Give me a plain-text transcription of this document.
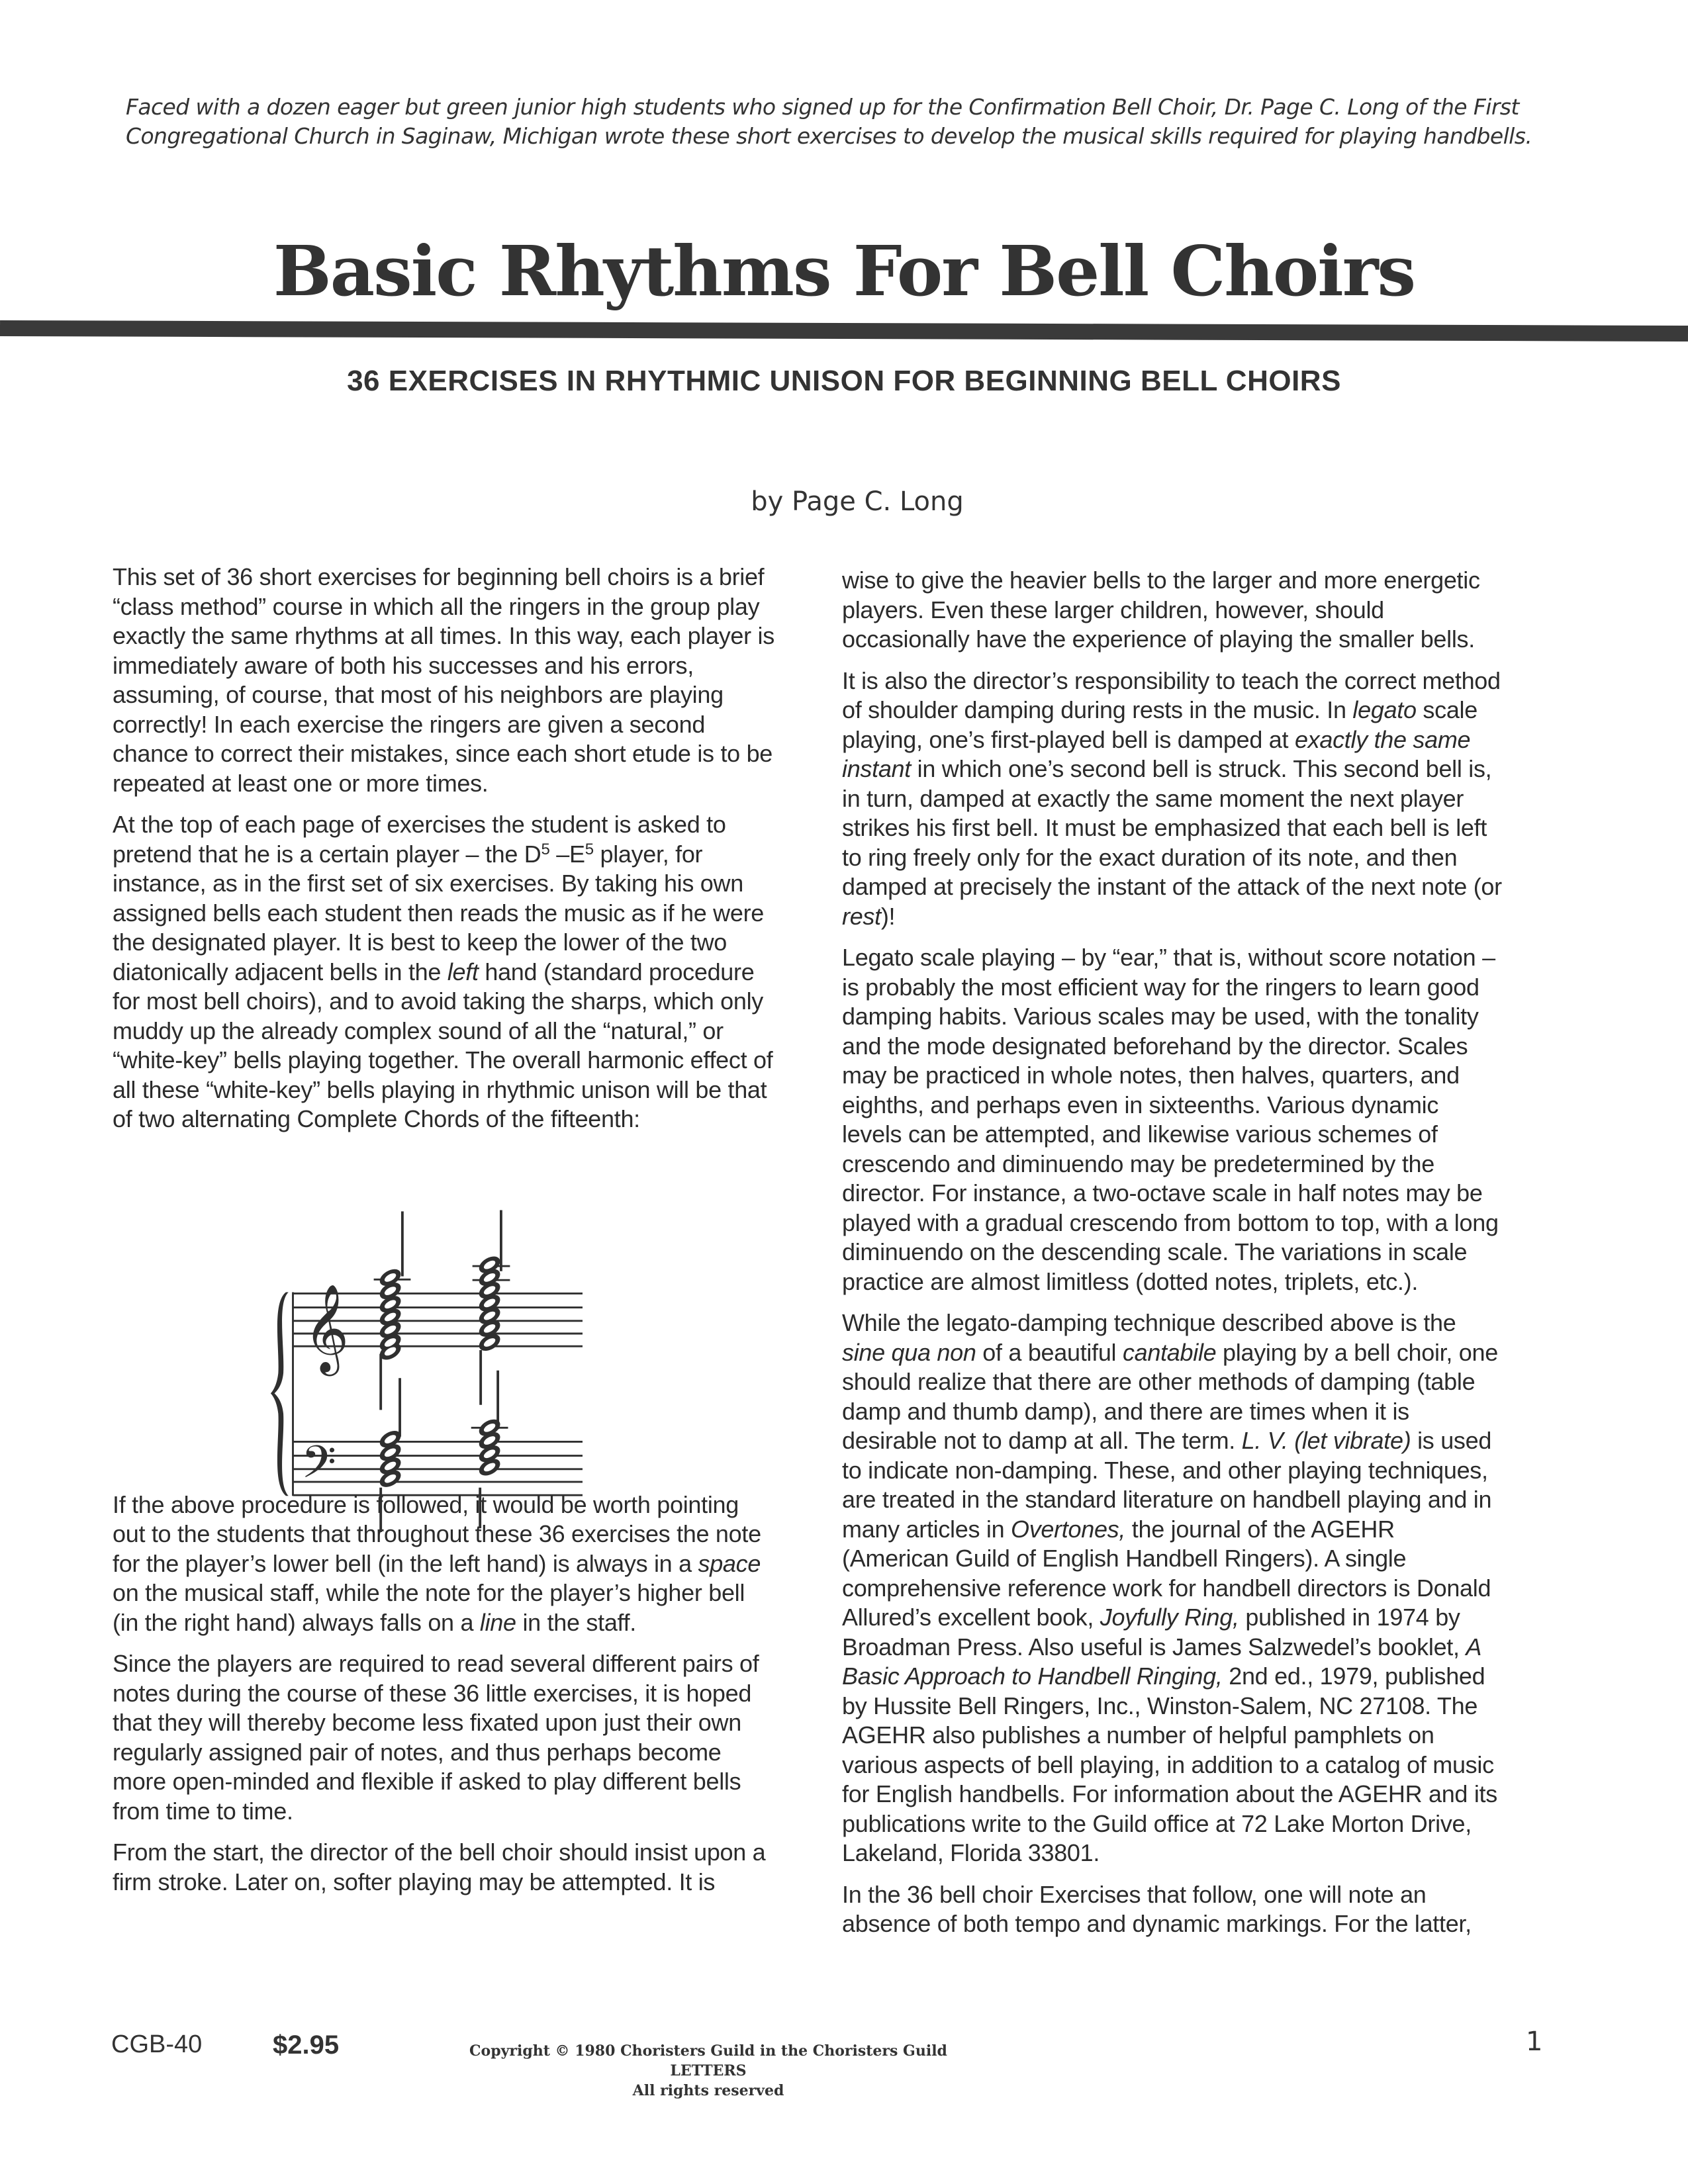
Faced with a dozen eager but green junior high students who signed up for the Confirmation Bell Choir, Dr. Page C. Long of the First Congregational Church in Saginaw, Michigan wrote these short exercises to develop the musical skills required for playing handbells.
Basic Rhythms For Bell Choirs
36 EXERCISES IN RHYTHMIC UNISON FOR BEGINNING BELL CHOIRS
by Page C. Long

This set of 36 short exercises for beginning bell choirs is a brief “class method” course in which all the ringers in the group play exactly the same rhythms at all times. In this way, each player is immediately aware of both his successes and his errors, assuming, of course, that most of his neighbors are playing correctly! In each exercise the ringers are given a second chance to correct their mistakes, since each short etude is to be repeated at least one or more times.

At the top of each page of exercises the student is asked to pretend that he is a certain player – the $D^5$ $-E^5$ player, for instance, as in the first set of six exercises. By taking his own assigned bells each student then reads the music as if he were the designated player. It is best to keep the lower of the two diatonically adjacent bells in the left hand (standard procedure for most bell choirs), and to avoid taking the sharps, which only muddy up the already complex sound of all the “natural,” or “white-key” bells playing together. The overall harmonic effect of all these “white-key” bells playing in rhythmic unison will be that of two alternating Complete Chords of the fifteenth:

If the above procedure is followed, it would be worth pointing out to the students that throughout these 36 exercises the note for the player’s lower bell (in the left hand) is always in a space on the musical staff, while the note for the player’s higher bell (in the right hand) always falls on a line in the staff.

Since the players are required to read several different pairs of notes during the course of these 36 little exercises, it is hoped that they will thereby become less fixated upon just their own regularly assigned pair of notes, and thus perhaps become more open-minded and flexible if asked to play different bells from time to time.

From the start, the director of the bell choir should insist upon a firm stroke. Later on, softer playing may be attempted. It is

𝄞
𝄢

wise to give the heavier bells to the larger and more energetic players. Even these larger children, however, should occasionally have the experience of playing the smaller bells.

It is also the director’s responsibility to teach the correct method of shoulder damping during rests in the music. In legato scale playing, one’s first-played bell is damped at exactly the same instant in which one’s second bell is struck. This second bell is, in turn, damped at exactly the same moment the next player strikes his first bell. It must be emphasized that each bell is left to ring freely only for the exact duration of its note, and then damped at precisely the instant of the attack of the next note (or rest)!

Legato scale playing – by “ear,” that is, without score notation – is probably the most efficient way for the ringers to learn good damping habits. Various scales may be used, with the tonality and the mode designated beforehand by the director. Scales may be practiced in whole notes, then halves, quarters, and eighths, and perhaps even in sixteenths. Various dynamic levels can be attempted, and likewise various schemes of crescendo and diminuendo may be predetermined by the director. For instance, a two-octave scale in half notes may be played with a gradual crescendo from bottom to top, with a long diminuendo on the descending scale. The variations in scale practice are almost limitless (dotted notes, triplets, etc.).

While the legato-damping technique described above is the sine qua non of a beautiful cantabile playing by a bell choir, one should realize that there are other methods of damping (table damp and thumb damp), and there are times when it is desirable not to damp at all. The term. L. V. (let vibrate) is used to indicate non-damping. These, and other playing techniques, are treated in the standard literature on handbell playing and in many articles in Overtones, the journal of the AGEHR (American Guild of English Handbell Ringers). A single comprehensive reference work for handbell directors is Donald Allured’s excellent book, Joyfully Ring, published in 1974 by Broadman Press. Also useful is James Salzwedel’s booklet, A Basic Approach to Handbell Ringing, 2nd ed., 1979, published by Hussite Bell Ringers, Inc., Winston-Salem, NC 27108. The AGEHR also publishes a number of helpful pamphlets on various aspects of bell playing, in addition to a catalog of music for English handbells. For information about the AGEHR and its publications write to the Guild office at 72 Lake Morton Drive, Lakeland, Florida 33801.

In the 36 bell choir Exercises that follow, one will note an absence of both tempo and dynamic markings. For the latter,

CGB-40	$2.95	Copyright © 1980 Choristers Guild in the Choristers Guild LETTERS
All rights reserved
1
